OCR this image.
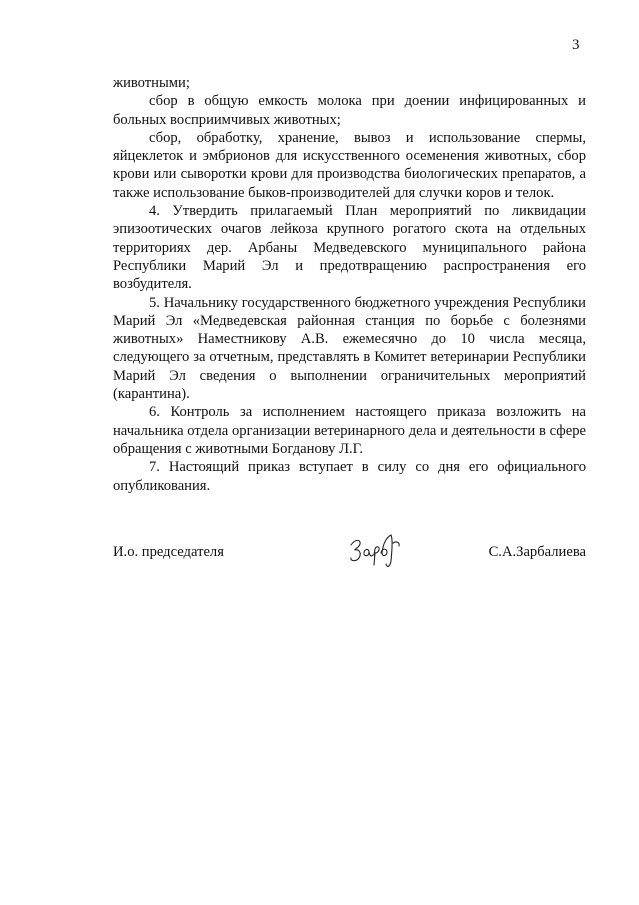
3

животными;

сбор в общую емкость молока при доении инфицированных и больных восприимчивых животных;

сбор, обработку, хранение, вывоз и использование спермы, яйцеклеток и эмбрионов для искусственного осеменения животных, сбор крови или сыворотки крови для производства биологических препаратов, а также использование быков-производителей для случки коров и телок.

4. Утвердить прилагаемый План мероприятий по ликвидации эпизоотических очагов лейкоза крупного рогатого скота на отдельных территориях дер. Арбаны Медведевского муниципального района Республики Марий Эл и предотвращению распространения его возбудителя.

5. Начальнику государственного бюджетного учреждения Республики Марий Эл «Медведевская районная станция по борьбе с болезнями животных» Наместникову А.В. ежемесячно до 10 числа месяца, следующего за отчетным, представлять в Комитет ветеринарии Республики Марий Эл сведения о выполнении ограничительных мероприятий (карантина).

6. Контроль за исполнением настоящего приказа возложить на начальника отдела организации ветеринарного дела и деятельности в сфере обращения с животными Богданову Л.Г.

7. Настоящий приказ вступает в силу со дня его официального опубликования.

И.о. председателя	С.А.Зарбалиева
